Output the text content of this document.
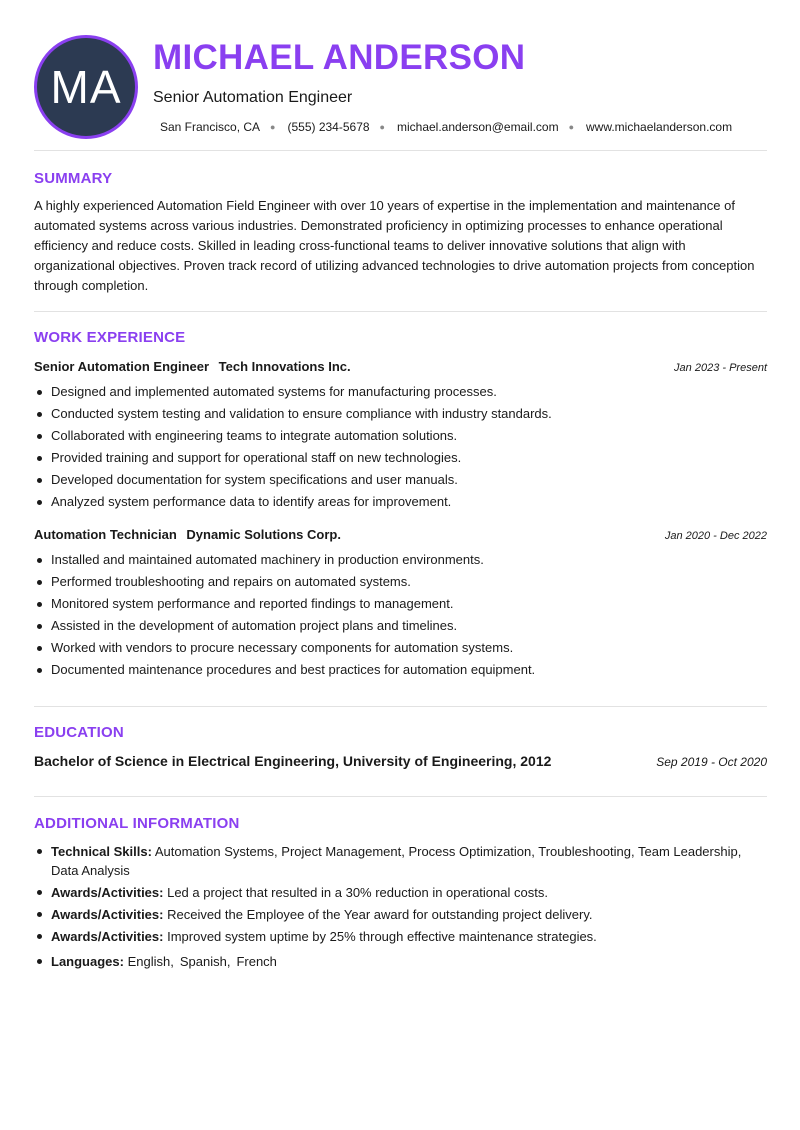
MA
MICHAEL ANDERSON
Senior Automation Engineer
San Francisco, CA ● (555) 234-5678 ● michael.anderson@email.com ● www.michaelanderson.com
SUMMARY

A highly experienced Automation Field Engineer with over 10 years of expertise in the implementation and maintenance of automated systems across various industries. Demonstrated proficiency in optimizing processes to enhance operational efficiency and reduce costs. Skilled in leading cross-functional teams to deliver innovative solutions that align with organizational objectives. Proven track record of utilizing advanced technologies to drive automation projects from conception through completion.

WORK EXPERIENCE
Senior Automation Engineer Tech Innovations Inc.	Jan 2023 - Present
Designed and implemented automated systems for manufacturing processes.
Conducted system testing and validation to ensure compliance with industry standards.
Collaborated with engineering teams to integrate automation solutions.
Provided training and support for operational staff on new technologies.
Developed documentation for system specifications and user manuals.
Analyzed system performance data to identify areas for improvement.
Automation Technician Dynamic Solutions Corp.	Jan 2020 - Dec 2022
Installed and maintained automated machinery in production environments.
Performed troubleshooting and repairs on automated systems.
Monitored system performance and reported findings to management.
Assisted in the development of automation project plans and timelines.
Worked with vendors to procure necessary components for automation systems.
Documented maintenance procedures and best practices for automation equipment.
EDUCATION
Bachelor of Science in Electrical Engineering, University of Engineering, 2012	Sep 2019 - Oct 2020
ADDITIONAL INFORMATION
Technical Skills: Automation Systems, Project Management, Process Optimization, Troubleshooting, Team Leadership, Data Analysis
Awards/Activities: Led a project that resulted in a 30% reduction in operational costs.
Awards/Activities: Received the Employee of the Year award for outstanding project delivery.
Awards/Activities: Improved system uptime by 25% through effective maintenance strategies.
Languages: English, Spanish, French
